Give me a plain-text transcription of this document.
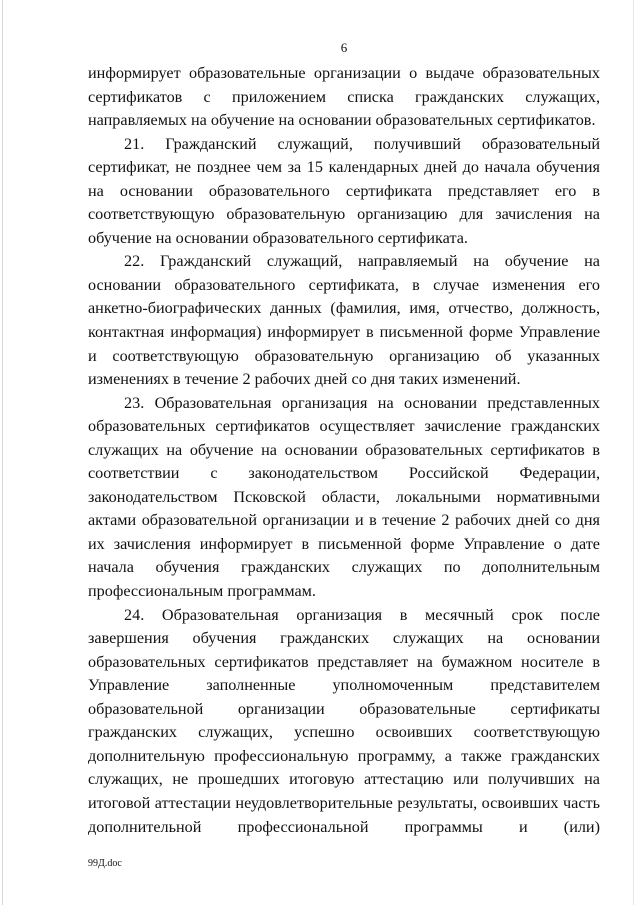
6

информирует образовательные организации о выдаче образовательных сертификатов с приложением списка гражданских служащих, направляемых на обучение на основании образовательных сертификатов.

21. Гражданский служащий, получивший образовательный сертификат, не позднее чем за 15 календарных дней до начала обучения на основании образовательного сертификата представляет его в соответствующую образовательную организацию для зачисления на обучение на основании образовательного сертификата.

22. Гражданский служащий, направляемый на обучение на основании образовательного сертификата, в случае изменения его анкетно-биографических данных (фамилия, имя, отчество, должность, контактная информация) информирует в письменной форме Управление и соответствующую образовательную организацию об указанных изменениях в течение 2 рабочих дней со дня таких изменений.

23. Образовательная организация на основании представленных образовательных сертификатов осуществляет зачисление гражданских служащих на обучение на основании образовательных сертификатов в соответствии с законодательством Российской Федерации, законодательством Псковской области, локальными нормативными актами образовательной организации и в течение 2 рабочих дней со дня их зачисления информирует в письменной форме Управление о дате начала обучения гражданских служащих по дополнительным профессиональным программам.

24. Образовательная организация в месячный срок после завершения обучения гражданских служащих на основании образовательных сертификатов представляет на бумажном носителе в Управление заполненные уполномоченным представителем образовательной организации образовательные сертификаты гражданских служащих, успешно освоивших соответствующую дополнительную профессиональную программу, а также гражданских служащих, не прошедших итоговую аттестацию или получивших на итоговой аттестации неудовлетворительные результаты, освоивших часть дополнительной профессиональной программы и (или)

99Д.doc
